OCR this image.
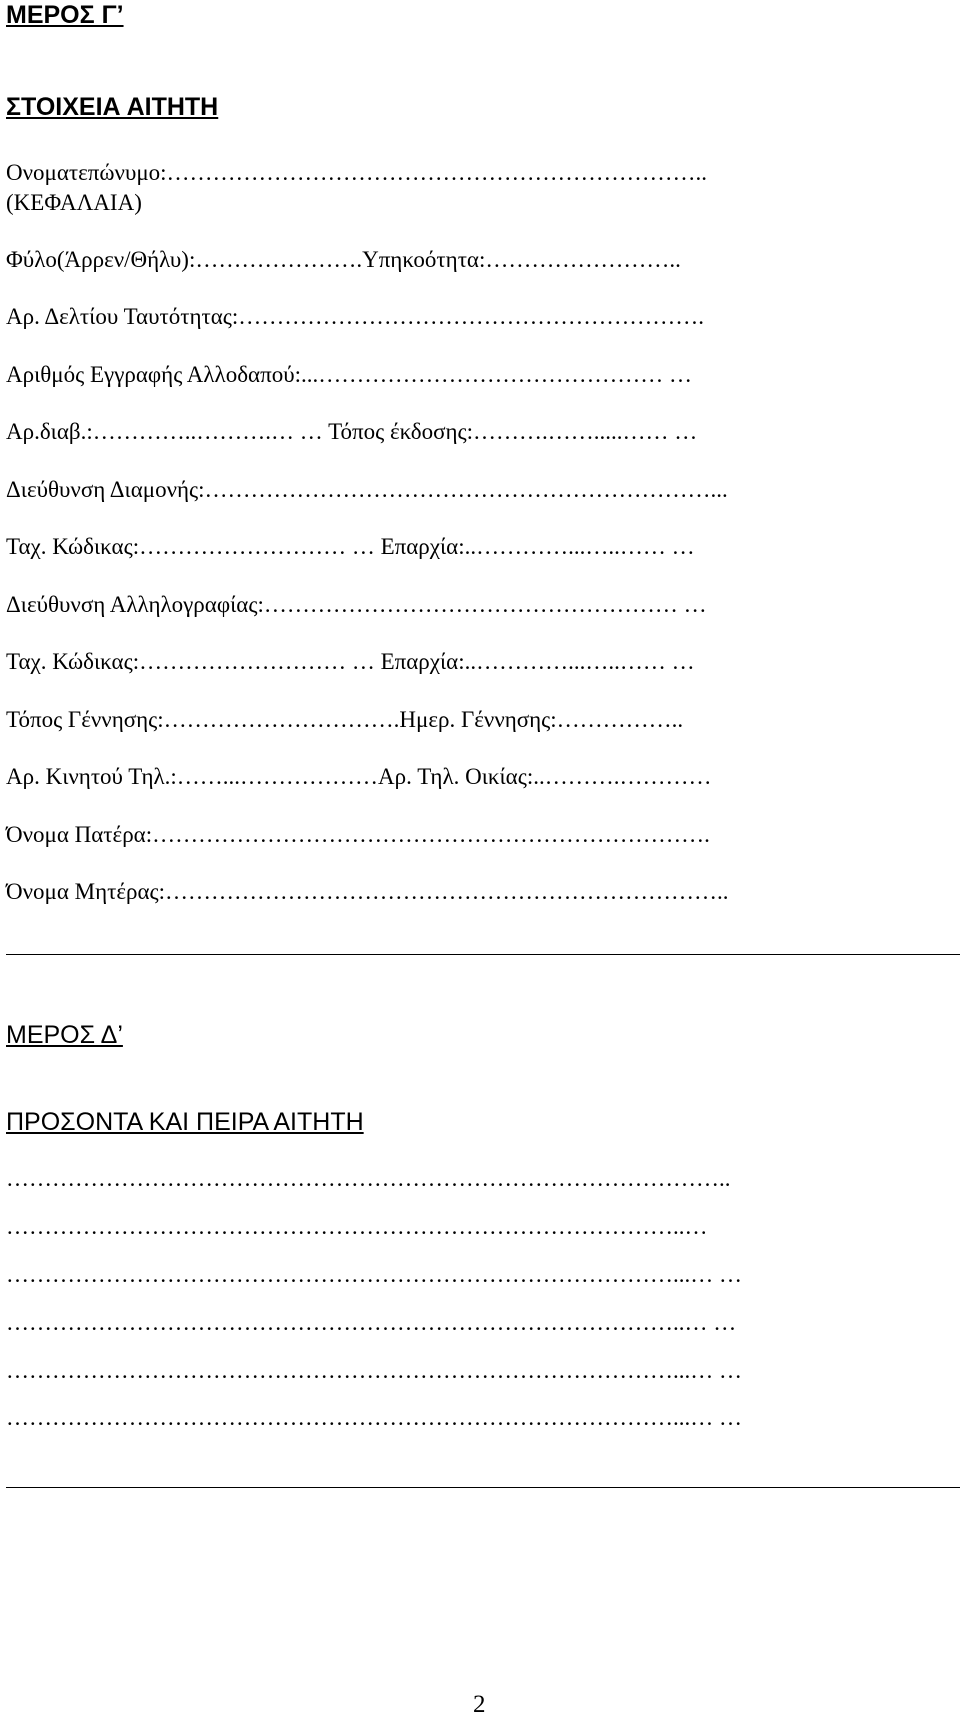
ΜΕΡΟΣ Γ’
ΣΤΟΙΧΕΙΑ ΑΙΤΗΤΗ
Ονοματεπώνυμο:……………………………………………………………..
(ΚΕΦΑΛΑΙΑ)
Φύλο(Άρρεν/Θήλυ):………………….Υπηκοότητα:……………………..
Αρ. Δελτίου Ταυτότητας:…………………………………………………….
Αριθμός Εγγραφής Αλλοδαπού:...……………………………………… …
Αρ.διαβ.:…………..……….… … Τόπος έκδοσης:……….…….....…… …
Διεύθυνση Διαμονής:…………………………………………………………...
Ταχ. Κώδικας:……………………… … Επαρχία:..…………...…..…… …
Διεύθυνση Αλληλογραφίας:……………………………………………… …
Ταχ. Κώδικας:……………………… … Επαρχία:..…………...…..…… …
Τόπος Γέννησης:………………………….Ημερ. Γέννησης:……………..
Αρ. Κινητού Τηλ.:……...………………Αρ. Τηλ. Οικίας:..……….…………
Όνομα Πατέρα:……………………………………………………………….
Όνομα Μητέρας:………………………………………………………………..
ΜΕΡΟΣ Δ’
ΠΡΟΣΟΝΤΑ ΚΑΙ ΠΕΙΡΑ ΑΙΤΗΤΗ
…………………………………………………………………………………..
……………………………………………………………………………..…
……………………………………………………………………………...… …
……………………………………………………………………………..… …
……………………………………………………………………………...… …
……………………………………………………………………………...… …
2
